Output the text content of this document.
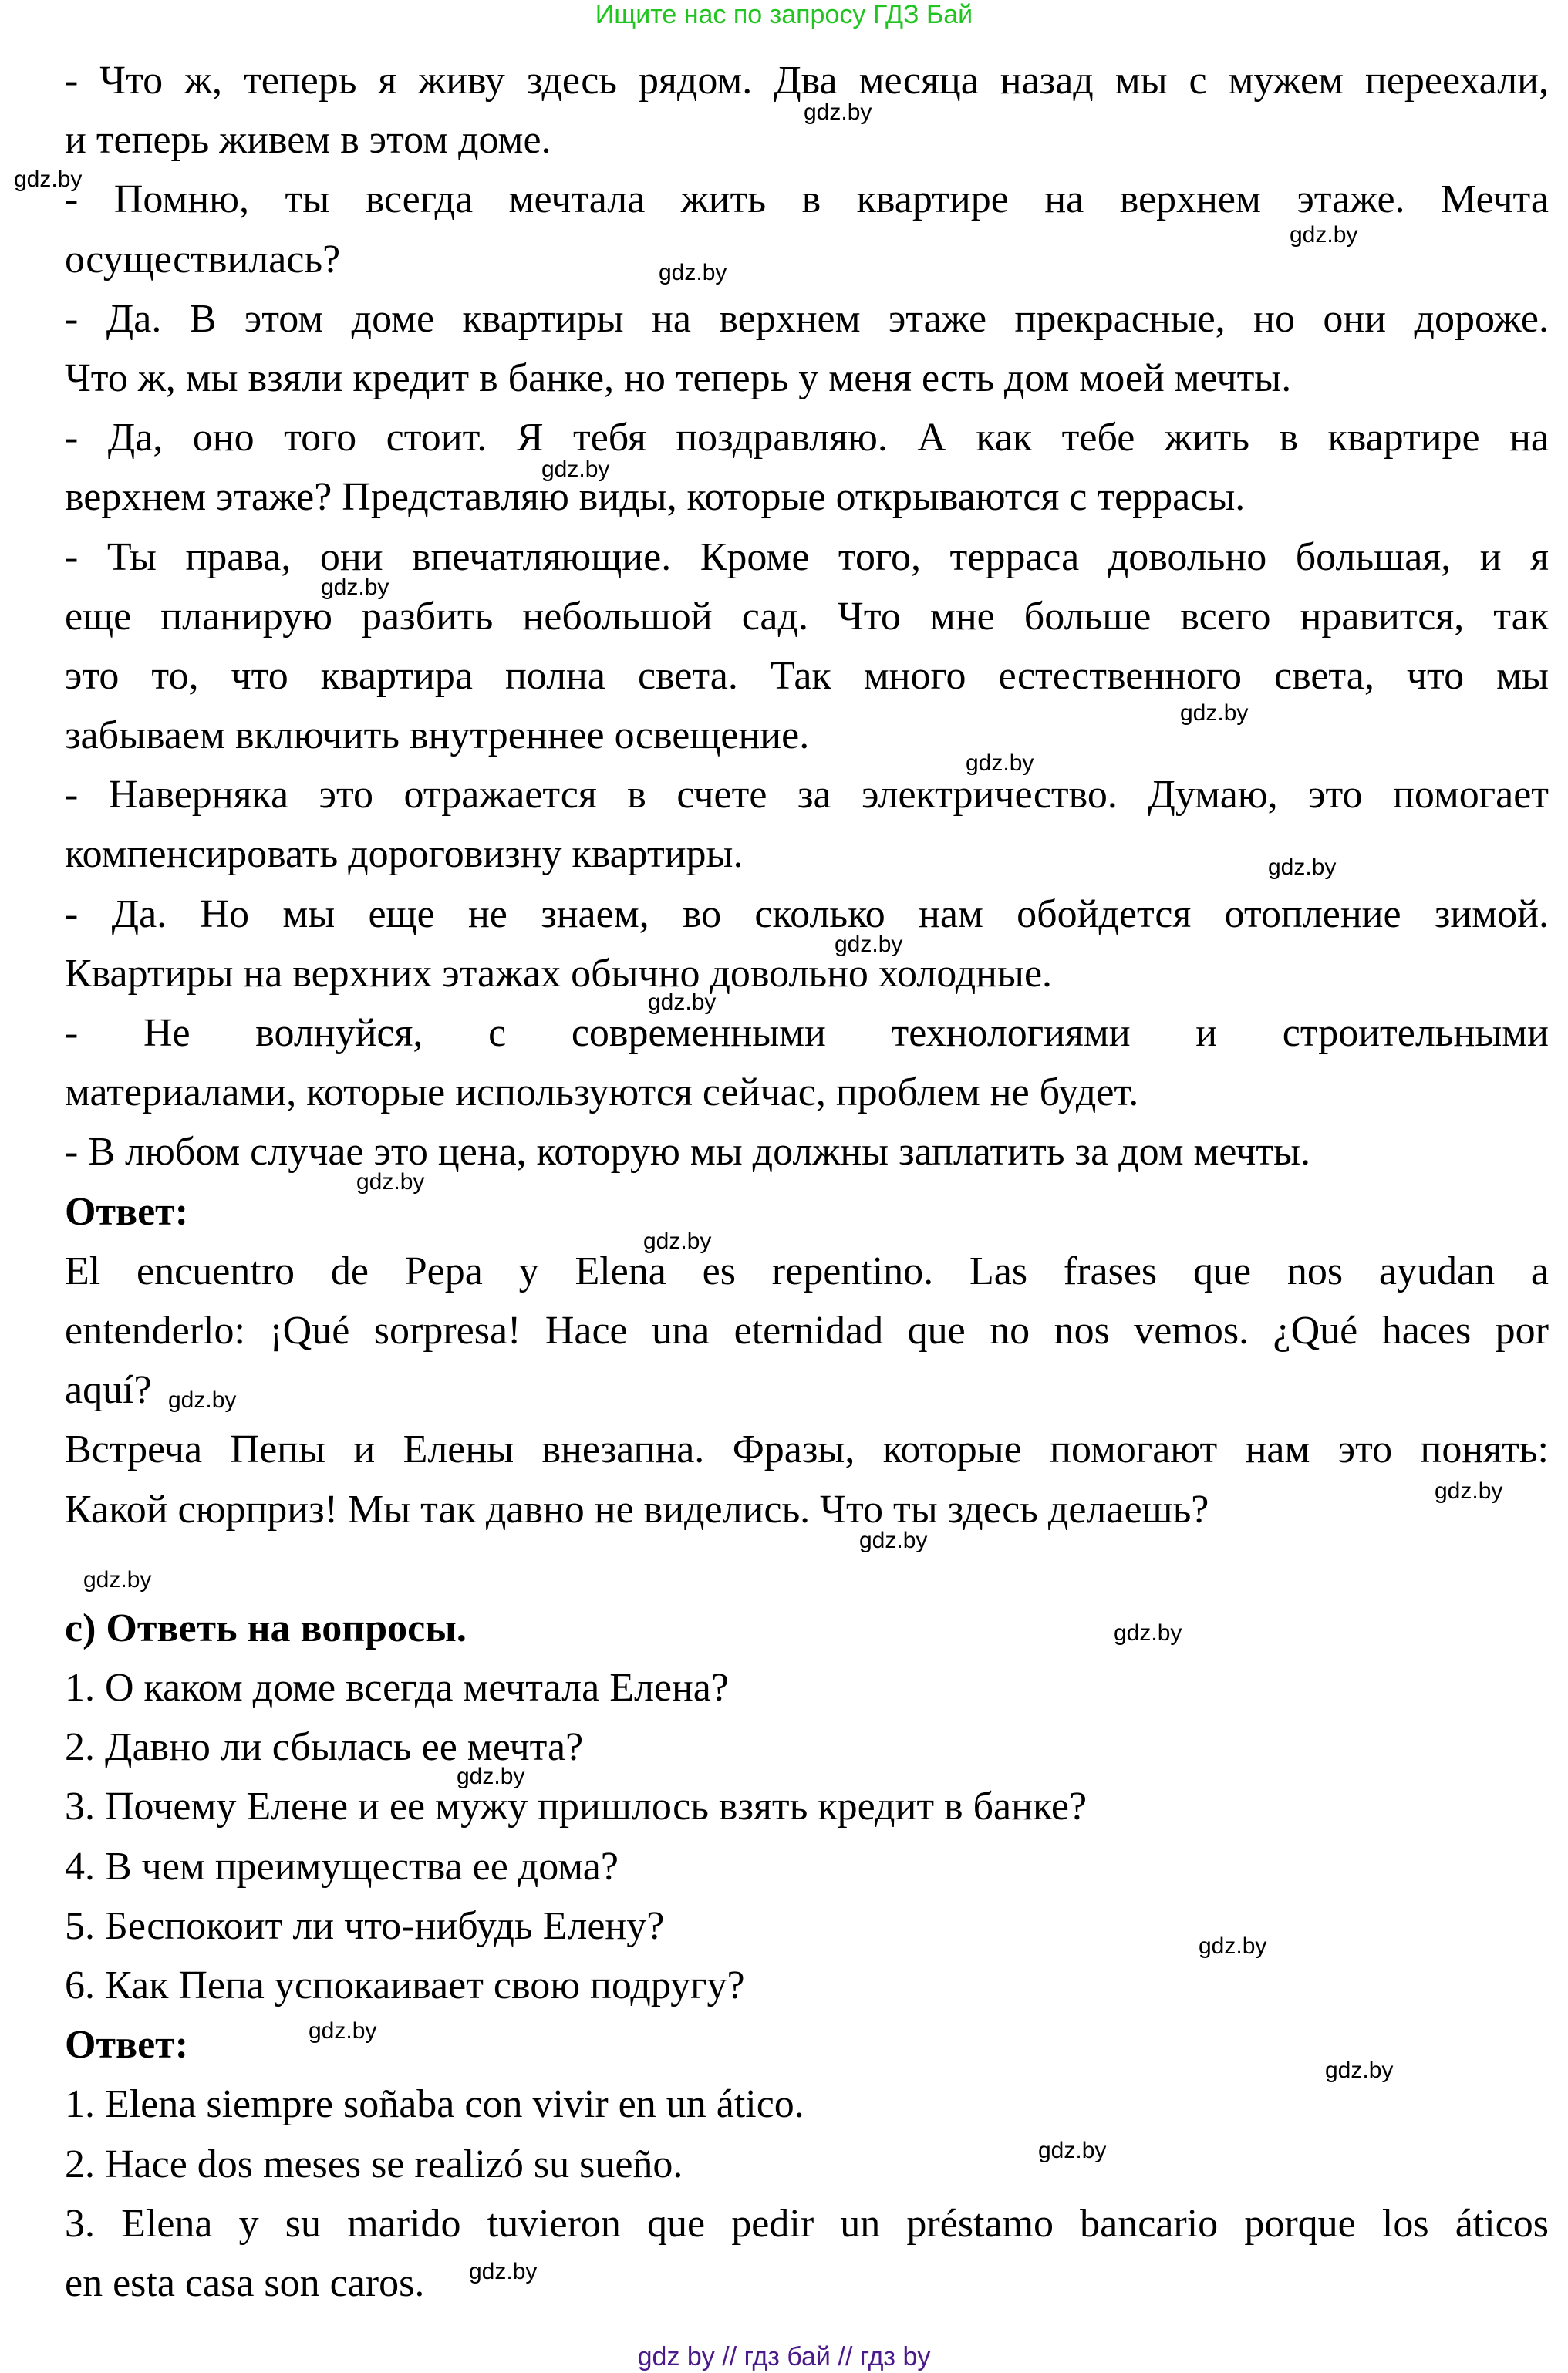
Ищите нас по запросу ГДЗ Бай
- Что ж, теперь я живу здесь рядом. Два месяца назад мы с мужем переехали,
и теперь живем в этом доме.
- Помню, ты всегда мечтала жить в квартире на верхнем этаже. Мечта
осуществилась?
- Да. В этом доме квартиры на верхнем этаже прекрасные, но они дороже.
Что ж, мы взяли кредит в банке, но теперь у меня есть дом моей мечты.
- Да, оно того стоит. Я тебя поздравляю. А как тебе жить в квартире на
верхнем этаже? Представляю виды, которые открываются с террасы.
- Ты права, они впечатляющие. Кроме того, терраса довольно большая, и я
еще планирую разбить небольшой сад. Что мне больше всего нравится, так
это то, что квартира полна света. Так много естественного света, что мы
забываем включить внутреннее освещение.
- Наверняка это отражается в счете за электричество. Думаю, это помогает
компенсировать дороговизну квартиры.
- Да. Но мы еще не знаем, во сколько нам обойдется отопление зимой.
Квартиры на верхних этажах обычно довольно холодные.
- Не волнуйся, с современными технологиями и строительными
материалами, которые используются сейчас, проблем не будет.
- В любом случае это цена, которую мы должны заплатить за дом мечты.
Ответ:
El encuentro de Pepa y Elena es repentino. Las frases que nos ayudan a
entenderlo: ¡Qué sorpresa! Hace una eternidad que no nos vemos. ¿Qué haces por
aquí?
Встреча Пепы и Елены внезапна. Фразы, которые помогают нам это понять:
Какой сюрприз! Мы так давно не виделись. Что ты здесь делаешь?
c) Ответь на вопросы.
1. О каком доме всегда мечтала Елена?
2. Давно ли сбылась ее мечта?
3. Почему Елене и ее мужу пришлось взять кредит в банке?
4. В чем преимущества ее дома?
5. Беспокоит ли что-нибудь Елену?
6. Как Пепа успокаивает свою подругу?
Ответ:
1. Elena siempre soñaba con vivir en un ático.
2. Hace dos meses se realizó su sueño.
3. Elena y su marido tuvieron que pedir un préstamo bancario porque los áticos
en esta casa son caros.
gdz.by
gdz.by
gdz.by
gdz.by
gdz.by
gdz.by
gdz.by
gdz.by
gdz.by
gdz.by
gdz.by
gdz.by
gdz.by
gdz.by
gdz.by
gdz.by
gdz.by
gdz.by
gdz.by
gdz.by
gdz.by
gdz.by
gdz.by
gdz.by
gdz by // гдз бай // гдз by
